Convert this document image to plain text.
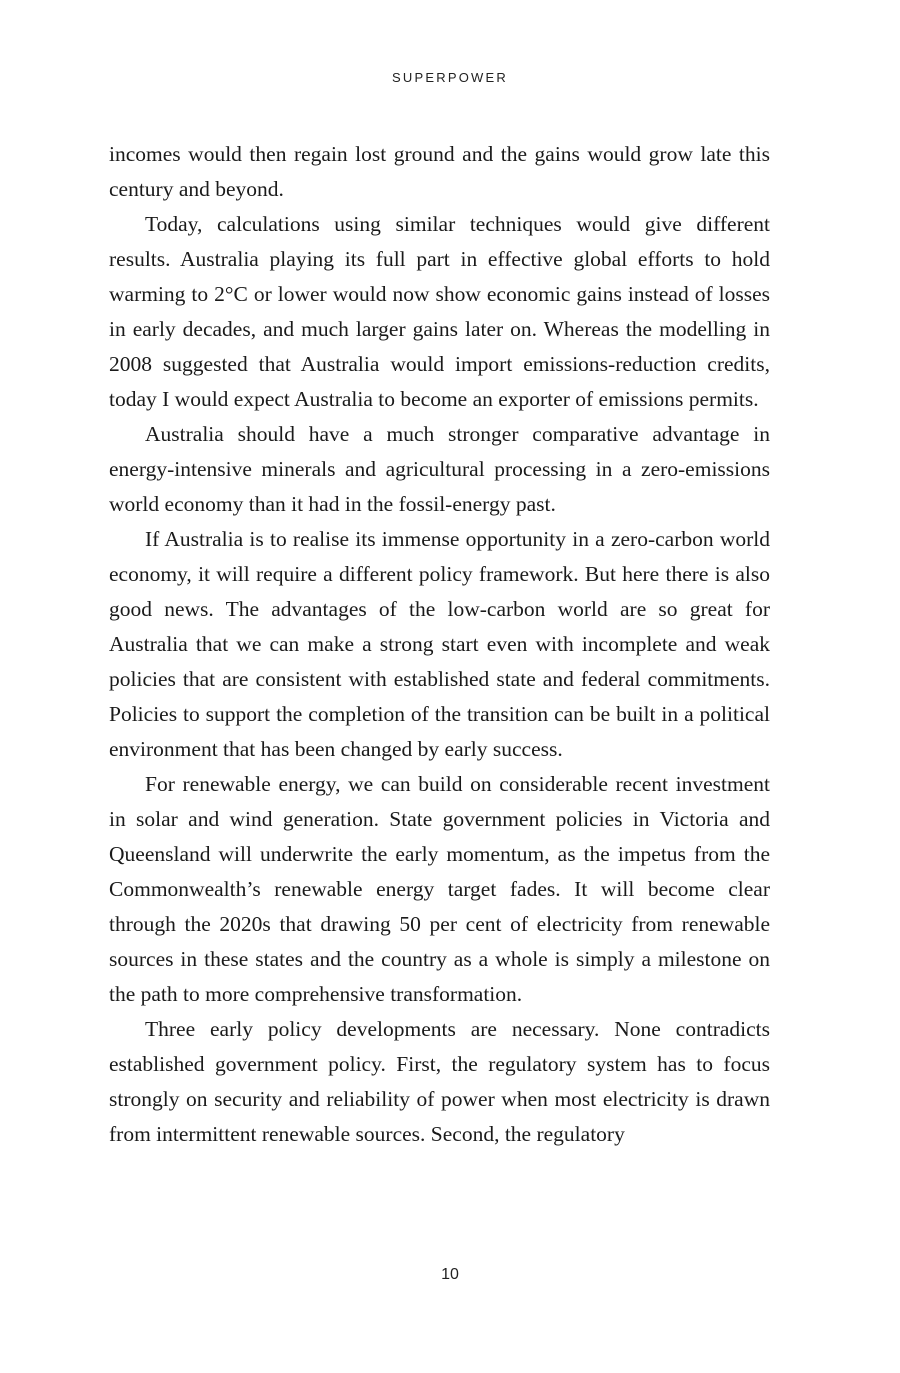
SUPERPOWER

incomes would then regain lost ground and the gains would grow late this century and beyond.

Today, calculations using similar techniques would give different results. Australia playing its full part in effective global efforts to hold warming to 2°C or lower would now show economic gains instead of losses in early decades, and much larger gains later on. Whereas the modelling in 2008 suggested that Australia would import emissions-reduction credits, today I would expect Australia to become an exporter of emissions permits.

Australia should have a much stronger comparative advantage in energy-intensive minerals and agricultural processing in a zero-emissions world economy than it had in the fossil-energy past.

If Australia is to realise its immense opportunity in a zero-carbon world economy, it will require a different policy framework. But here there is also good news. The advantages of the low-carbon world are so great for Australia that we can make a strong start even with incomplete and weak policies that are consistent with established state and federal commitments. Policies to support the completion of the transition can be built in a political environment that has been changed by early success.

For renewable energy, we can build on considerable recent investment in solar and wind generation. State government policies in Victoria and Queensland will underwrite the early momentum, as the impetus from the Commonwealth’s renewable energy target fades. It will become clear through the 2020s that drawing 50 per cent of electricity from renewable sources in these states and the country as a whole is simply a milestone on the path to more comprehensive transformation.

Three early policy developments are necessary. None contradicts established government policy. First, the regulatory system has to focus strongly on security and reliability of power when most electricity is drawn from intermittent renewable sources. Second, the regulatory

10
